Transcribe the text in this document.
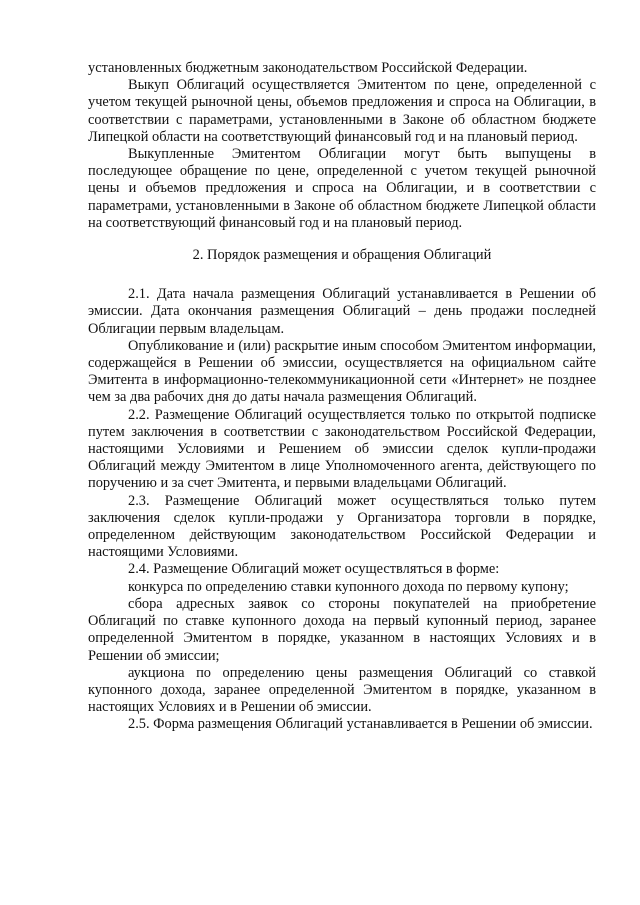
установленных бюджетным законодательством Российской Федерации.

Выкуп Облигаций осуществляется Эмитентом по цене, определенной с учетом текущей рыночной цены, объемов предложения и спроса на Облигации, в соответствии с параметрами, установленными в Законе об областном бюджете Липецкой области на соответствующий финансовый год и на плановый период.

Выкупленные Эмитентом Облигации могут быть выпущены в последующее обращение по цене, определенной с учетом текущей рыночной цены и объемов предложения и спроса на Облигации, и в соответствии с параметрами, установленными в Законе об областном бюджете Липецкой области на соответствующий финансовый год и на плановый период.

2. Порядок размещения и обращения Облигаций

2.1. Дата начала размещения Облигаций устанавливается в Решении об эмиссии. Дата окончания размещения Облигаций – день продажи последней Облигации первым владельцам.

Опубликование и (или) раскрытие иным способом Эмитентом информации, содержащейся в Решении об эмиссии, осуществляется на официальном сайте Эмитента в информационно-телекоммуникационной сети «Интернет» не позднее чем за два рабочих дня до даты начала размещения Облигаций.

2.2. Размещение Облигаций осуществляется только по открытой подписке путем заключения в соответствии с законодательством Российской Федерации, настоящими Условиями и Решением об эмиссии сделок купли-продажи Облигаций между Эмитентом в лице Уполномоченного агента, действующего по поручению и за счет Эмитента, и первыми владельцами Облигаций.

2.3. Размещение Облигаций может осуществляться только путем заключения сделок купли-продажи у Организатора торговли в порядке, определенном действующим законодательством Российской Федерации и настоящими Условиями.

2.4. Размещение Облигаций может осуществляться в форме:

конкурса по определению ставки купонного дохода по первому купону;

сбора адресных заявок со стороны покупателей на приобретение Облигаций по ставке купонного дохода на первый купонный период, заранее определенной Эмитентом в порядке, указанном в настоящих Условиях и в Решении об эмиссии;

аукциона по определению цены размещения Облигаций со ставкой купонного дохода, заранее определенной Эмитентом в порядке, указанном в настоящих Условиях и в Решении об эмиссии.

2.5. Форма размещения Облигаций устанавливается в Решении об эмиссии.
